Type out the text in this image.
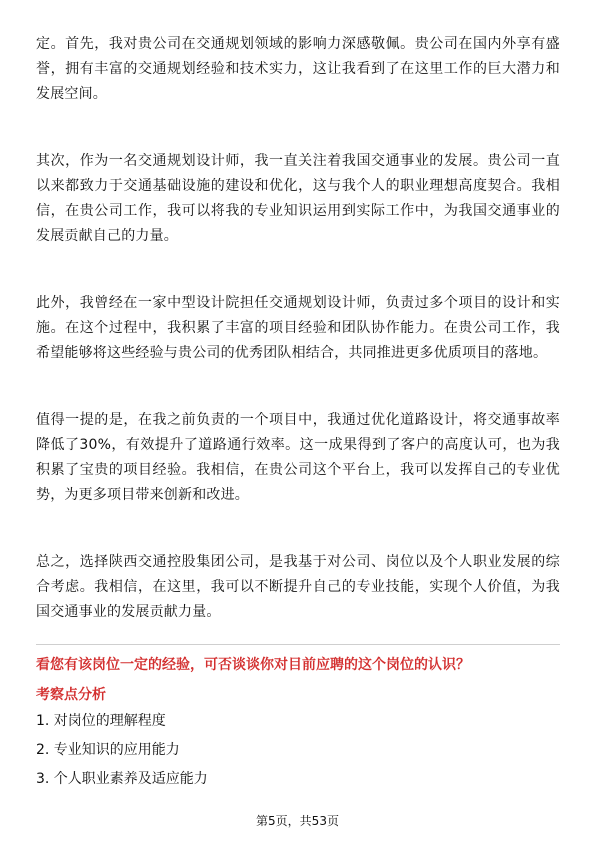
定。首先，我对贵公司在交通规划领域的影响力深感敬佩。贵公司在国内外享有盛誉，拥有丰富的交通规划经验和技术实力，这让我看到了在这里工作的巨大潜力和发展空间。

其次，作为一名交通规划设计师，我一直关注着我国交通事业的发展。贵公司一直以来都致力于交通基础设施的建设和优化，这与我个人的职业理想高度契合。我相信，在贵公司工作，我可以将我的专业知识运用到实际工作中，为我国交通事业的发展贡献自己的力量。

此外，我曾经在一家中型设计院担任交通规划设计师，负责过多个项目的设计和实施。在这个过程中，我积累了丰富的项目经验和团队协作能力。在贵公司工作，我希望能够将这些经验与贵公司的优秀团队相结合，共同推进更多优质项目的落地。

值得一提的是，在我之前负责的一个项目中，我通过优化道路设计，将交通事故率降低了30%，有效提升了道路通行效率。这一成果得到了客户的高度认可，也为我积累了宝贵的项目经验。我相信，在贵公司这个平台上，我可以发挥自己的专业优势，为更多项目带来创新和改进。

总之，选择陕西交通控股集团公司，是我基于对公司、岗位以及个人职业发展的综合考虑。我相信，在这里，我可以不断提升自己的专业技能，实现个人价值，为我国交通事业的发展贡献力量。

看您有该岗位一定的经验，可否谈谈你对目前应聘的这个岗位的认识？

考察点分析

1. 对岗位的理解程度
2. 专业知识的应用能力
3. 个人职业素养及适应能力
第5页，共53页
